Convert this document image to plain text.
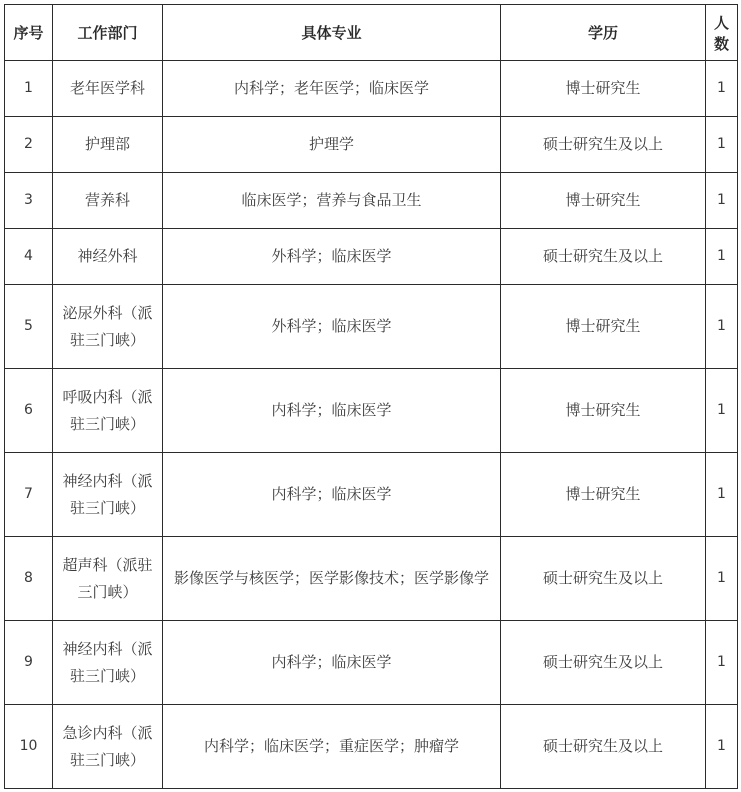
序号	工作部门	具体专业	学历	人数
1	老年医学科	内科学；老年医学；临床医学	博士研究生	1
2	护理部	护理学	硕士研究生及以上	1
3	营养科	临床医学；营养与食品卫生	博士研究生	1
4	神经外科	外科学；临床医学	硕士研究生及以上	1
5	泌尿外科（派驻三门峡）	外科学；临床医学	博士研究生	1
6	呼吸内科（派驻三门峡）	内科学；临床医学	博士研究生	1
7	神经内科（派驻三门峡）	内科学；临床医学	博士研究生	1
8	超声科（派驻三门峡）	影像医学与核医学；医学影像技术；医学影像学	硕士研究生及以上	1
9	神经内科（派驻三门峡）	内科学；临床医学	硕士研究生及以上	1
10	急诊内科（派驻三门峡）	内科学；临床医学；重症医学；肿瘤学	硕士研究生及以上	1
